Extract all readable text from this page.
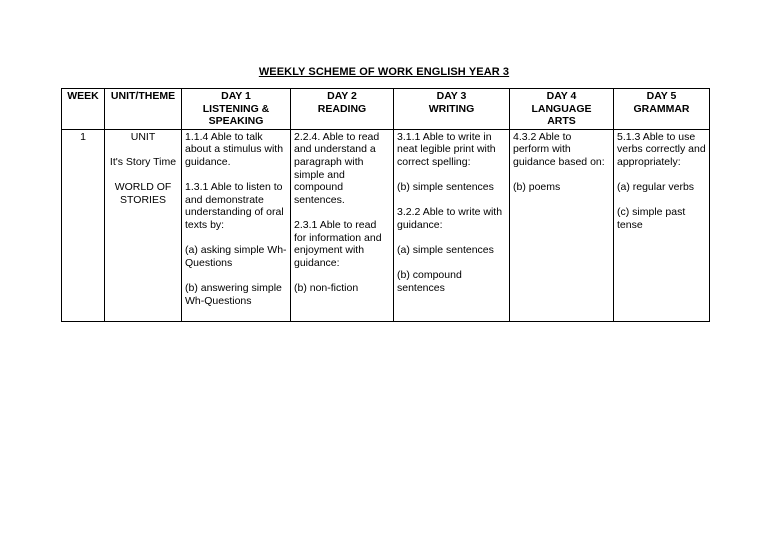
WEEKLY SCHEME OF WORK ENGLISH YEAR 3
WEEK	UNIT/THEME	DAY 1
LISTENING &
SPEAKING	DAY 2
READING	DAY 3
WRITING	DAY 4
LANGUAGE
ARTS	DAY 5
GRAMMAR

1	UNIT
It's Story Time
WORLD OF STORIES	1.1.4 Able to talk about a stimulus with guidance.
1.3.1 Able to listen to and demonstrate understanding of oral texts by:
(a) asking simple Wh-Questions
(b) answering simple Wh-Questions	2.2.4. Able to read and understand a paragraph with simple and compound sentences.
2.3.1 Able to read for information and enjoyment with guidance:
(b) non-fiction	3.1.1 Able to write in neat legible print with correct spelling:
(b) simple sentences
3.2.2 Able to write with guidance:
(a) simple sentences
(b) compound sentences	4.3.2 Able to perform with guidance based on:
(b) poems	5.1.3 Able to use verbs correctly and appropriately:
(a) regular verbs
(c) simple past tense
